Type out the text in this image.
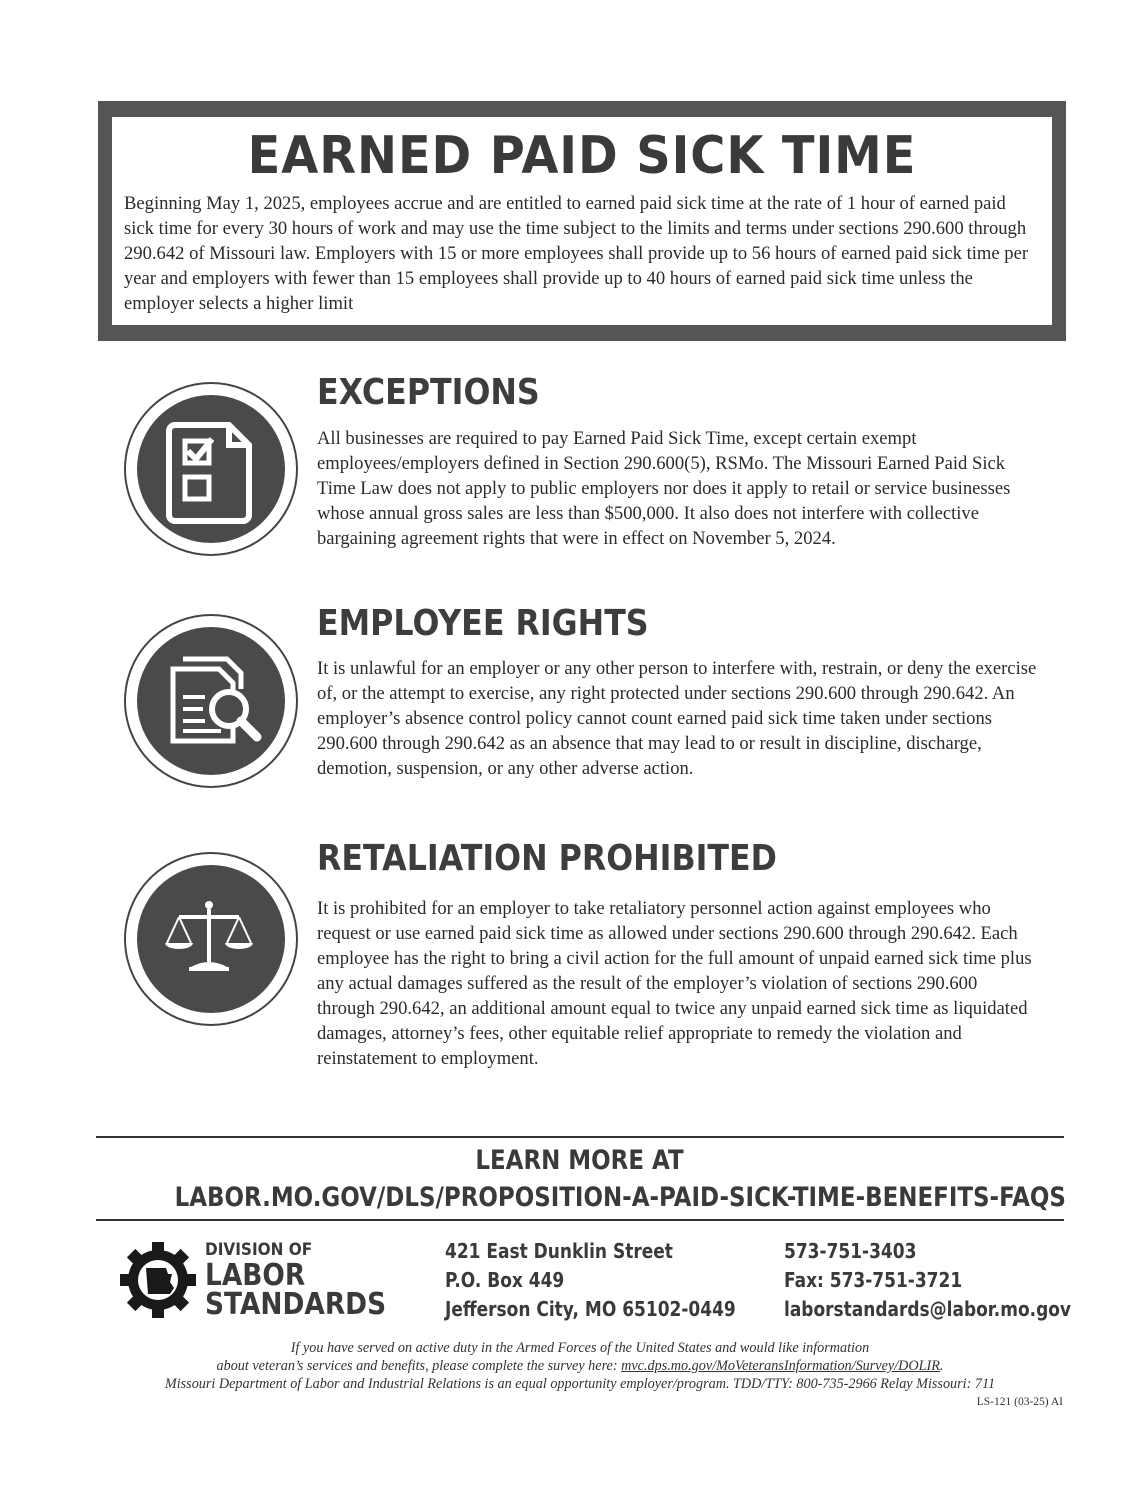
EARNED PAID SICK TIME

Beginning May 1, 2025, employees accrue and are entitled to earned paid sick time at the rate of 1 hour of earned paid sick time for every 30 hours of work and may use the time subject to the limits and terms under sections 290.600 through 290.642 of Missouri law. Employers with 15 or more employees shall provide up to 56 hours of earned paid sick time per year and employers with fewer than 15 employees shall provide up to 40 hours of earned paid sick time unless the employer selects a higher limit

EXCEPTIONS

All businesses are required to pay Earned Paid Sick Time, except certain exempt employees/employers defined in Section 290.600(5), RSMo. The Missouri Earned Paid Sick Time Law does not apply to public employers nor does it apply to retail or service businesses whose annual gross sales are less than $500,000. It also does not interfere with collective bargaining agreement rights that were in effect on November 5, 2024.

EMPLOYEE RIGHTS

It is unlawful for an employer or any other person to interfere with, restrain, or deny the exercise of, or the attempt to exercise, any right protected under sections 290.600 through 290.642. An employer’s absence control policy cannot count earned paid sick time taken under sections 290.600 through 290.642 as an absence that may lead to or result in discipline, discharge, demotion, suspension, or any other adverse action.

RETALIATION PROHIBITED

It is prohibited for an employer to take retaliatory personnel action against employees who request or use earned paid sick time as allowed under sections 290.600 through 290.642. Each employee has the right to bring a civil action for the full amount of unpaid earned sick time plus any actual damages suffered as the result of the employer’s violation of sections 290.600 through 290.642, an additional amount equal to twice any unpaid earned sick time as liquidated damages, attorney’s fees, other equitable relief appropriate to remedy the violation and reinstatement to employment.

LEARN MORE AT
LABOR.MO.GOV/DLS/PROPOSITION-A-PAID-SICK-TIME-BENEFITS-FAQS
DIVISION OF
LABOR
STANDARDS
421 East Dunklin Street
P.O. Box 449
Jefferson City, MO 65102-0449
573-751-3403
Fax: 573-751-3721
laborstandards@labor.mo.gov
If you have served on active duty in the Armed Forces of the United States and would like information
about veteran’s services and benefits, please complete the survey here: mvc.dps.mo.gov/MoVeteransInformation/Survey/DOLIR.
Missouri Department of Labor and Industrial Relations is an equal opportunity employer/program. TDD/TTY: 800-735-2966 Relay Missouri: 711
LS-121 (03-25) AI
